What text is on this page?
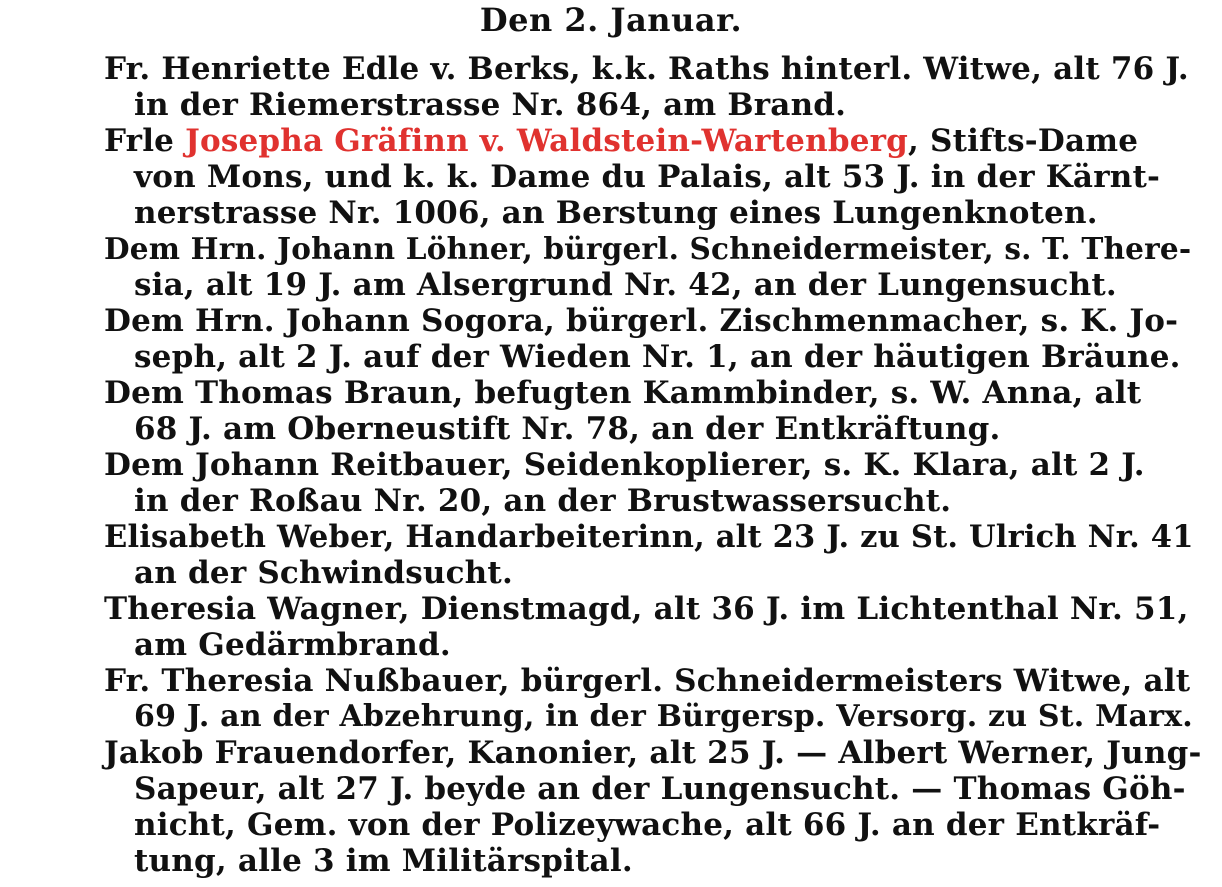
Den 2. Januar.
Fr. Henriette Edle v. Berks, k.k. Raths hinterl. Witwe, alt 76 J.
in der Riemerstrasse Nr. 864, am Brand.
Frle Josepha Gräfinn v. Waldstein-Wartenberg, Stifts-Dame
von Mons, und k. k. Dame du Palais, alt 53 J. in der Kärnt-
nerstrasse Nr. 1006, an Berstung eines Lungenknoten.
Dem Hrn. Johann Löhner, bürgerl. Schneidermeister, s. T. There-
sia, alt 19 J. am Alsergrund Nr. 42, an der Lungensucht.
Dem Hrn. Johann Sogora, bürgerl. Zischmenmacher, s. K. Jo-
seph, alt 2 J. auf der Wieden Nr. 1, an der häutigen Bräune.
Dem Thomas Braun, befugten Kammbinder, s. W. Anna, alt
68 J. am Oberneustift Nr. 78, an der Entkräftung.
Dem Johann Reitbauer, Seidenkoplierer, s. K. Klara, alt 2 J.
in der Roßau Nr. 20, an der Brustwassersucht.
Elisabeth Weber, Handarbeiterinn, alt 23 J. zu St. Ulrich Nr. 41
an der Schwindsucht.
Theresia Wagner, Dienstmagd, alt 36 J. im Lichtenthal Nr. 51,
am Gedärmbrand.
Fr. Theresia Nußbauer, bürgerl. Schneidermeisters Witwe, alt
69 J. an der Abzehrung, in der Bürgersp. Versorg. zu St. Marx.
Jakob Frauendorfer, Kanonier, alt 25 J. — Albert Werner, Jung-
Sapeur, alt 27 J. beyde an der Lungensucht. — Thomas Göh-
nicht, Gem. von der Polizeywache, alt 66 J. an der Entkräf-
tung, alle 3 im Militärspital.
